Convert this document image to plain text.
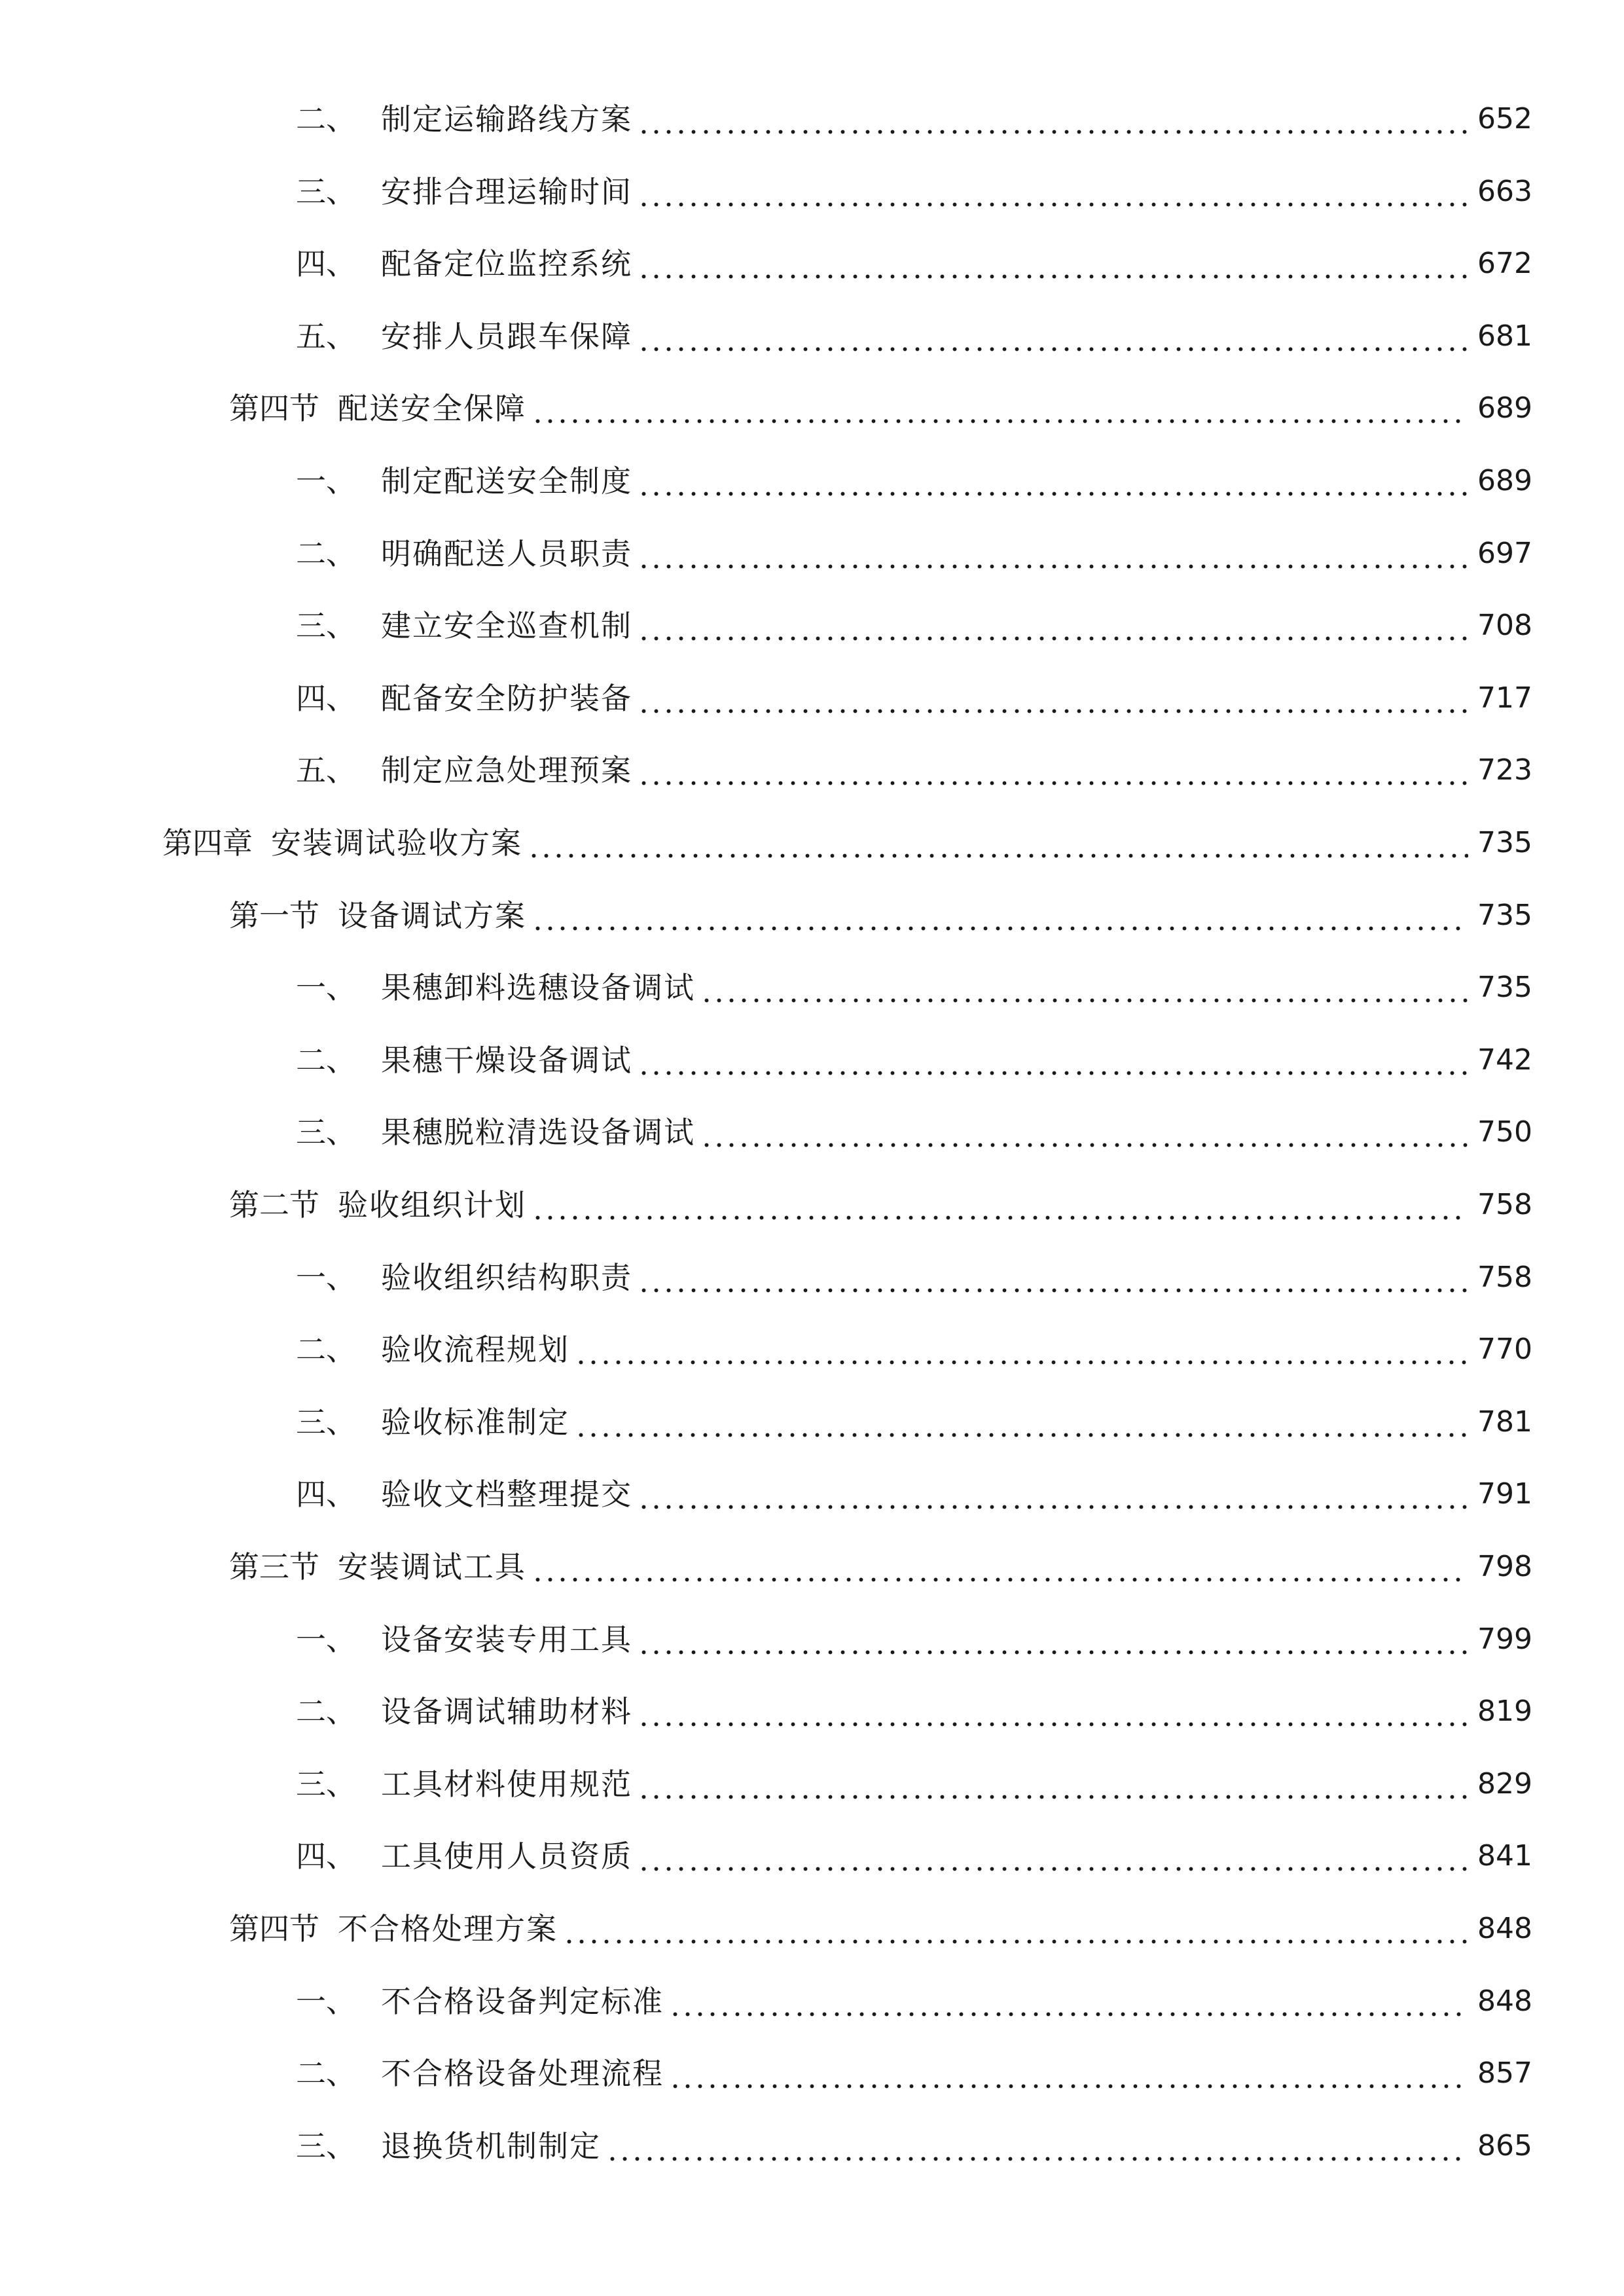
二、 制定运输路线方案	652
三、 安排合理运输时间	663
四、 配备定位监控系统	672
五、 安排人员跟车保障	681
第四节 配送安全保障	689
一、 制定配送安全制度	689
二、 明确配送人员职责	697
三、 建立安全巡查机制	708
四、 配备安全防护装备	717
五、 制定应急处理预案	723
第四章 安装调试验收方案	735
第一节 设备调试方案	735
一、 果穗卸料选穗设备调试	735
二、 果穗干燥设备调试	742
三、 果穗脱粒清选设备调试	750
第二节 验收组织计划	758
一、 验收组织结构职责	758
二、 验收流程规划	770
三、 验收标准制定	781
四、 验收文档整理提交	791
第三节 安装调试工具	798
一、 设备安装专用工具	799
二、 设备调试辅助材料	819
三、 工具材料使用规范	829
四、 工具使用人员资质	841
第四节 不合格处理方案	848
一、 不合格设备判定标准	848
二、 不合格设备处理流程	857
三、 退换货机制制定	865
